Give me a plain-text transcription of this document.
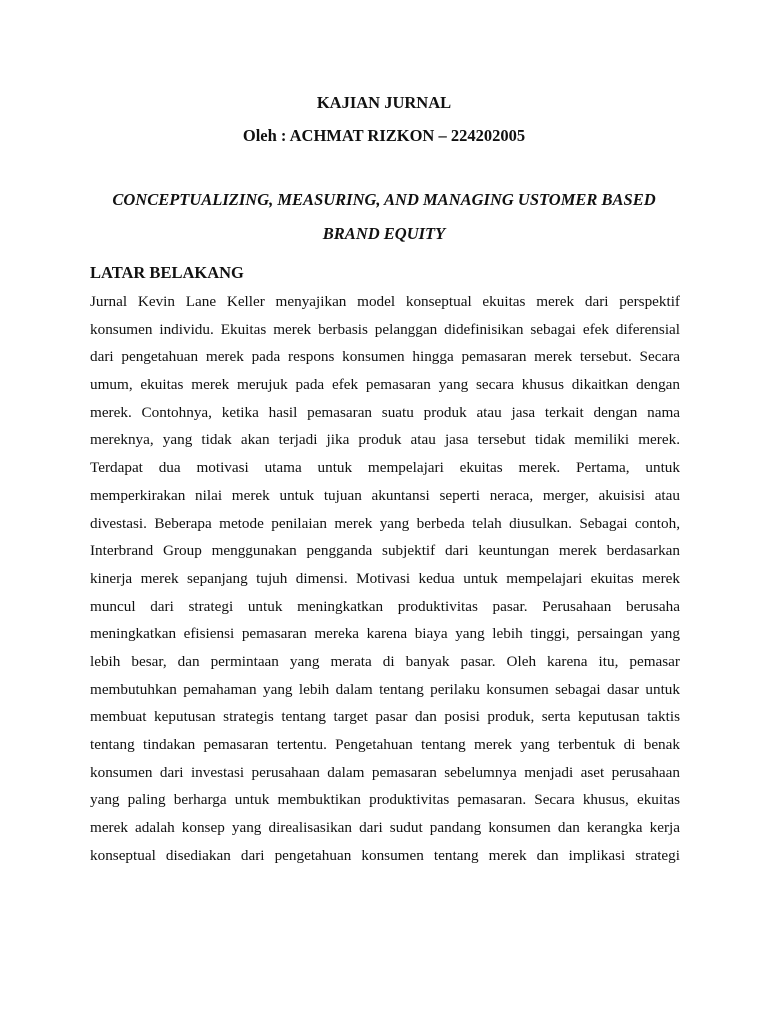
KAJIAN JURNAL
Oleh : ACHMAT RIZKON – 224202005
CONCEPTUALIZING, MEASURING, AND MANAGING USTOMER BASED BRAND EQUITY
LATAR BELAKANG
Jurnal Kevin Lane Keller menyajikan model konseptual ekuitas merek dari perspektif
konsumen individu. Ekuitas merek berbasis pelanggan didefinisikan sebagai efek diferensial
dari pengetahuan merek pada respons konsumen hingga pemasaran merek tersebut. Secara
umum, ekuitas merek merujuk pada efek pemasaran yang secara khusus dikaitkan dengan
merek. Contohnya, ketika hasil pemasaran suatu produk atau jasa terkait dengan nama
mereknya, yang tidak akan terjadi jika produk atau jasa tersebut tidak memiliki merek.
Terdapat dua motivasi utama untuk mempelajari ekuitas merek. Pertama, untuk
memperkirakan nilai merek untuk tujuan akuntansi seperti neraca, merger, akuisisi atau
divestasi. Beberapa metode penilaian merek yang berbeda telah diusulkan. Sebagai contoh,
Interbrand Group menggunakan pengganda subjektif dari keuntungan merek berdasarkan
kinerja merek sepanjang tujuh dimensi. Motivasi kedua untuk mempelajari ekuitas merek
muncul dari strategi untuk meningkatkan produktivitas pasar. Perusahaan berusaha
meningkatkan efisiensi pemasaran mereka karena biaya yang lebih tinggi, persaingan yang
lebih besar, dan permintaan yang merata di banyak pasar. Oleh karena itu, pemasar
membutuhkan pemahaman yang lebih dalam tentang perilaku konsumen sebagai dasar untuk
membuat keputusan strategis tentang target pasar dan posisi produk, serta keputusan taktis
tentang tindakan pemasaran tertentu. Pengetahuan tentang merek yang terbentuk di benak
konsumen dari investasi perusahaan dalam pemasaran sebelumnya menjadi aset perusahaan
yang paling berharga untuk membuktikan produktivitas pemasaran. Secara khusus, ekuitas
merek adalah konsep yang direalisasikan dari sudut pandang konsumen dan kerangka kerja
konseptual disediakan dari pengetahuan konsumen tentang merek dan implikasi strategi
